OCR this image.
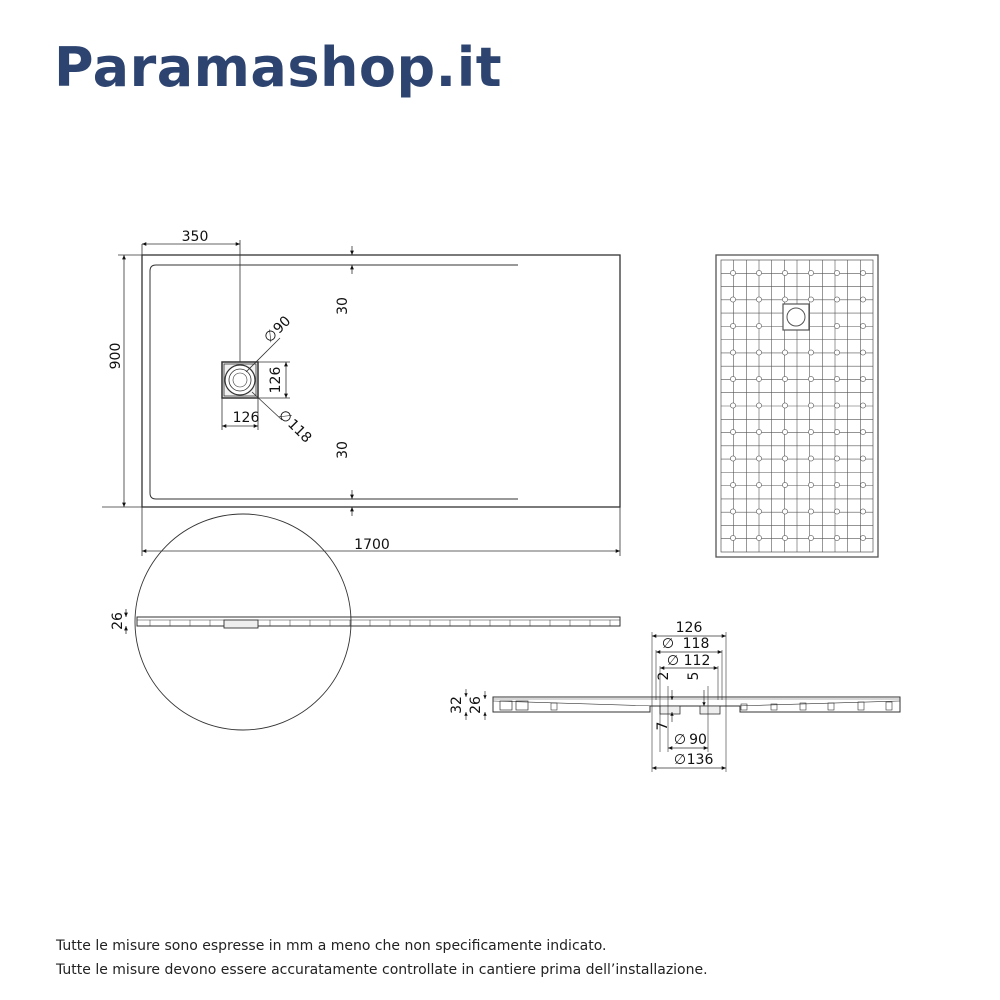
Paramashop.it
350
900
1700
30
30
126
126
∅
90
∅
118
26	126
∅ 118
∅ 112
2 5
32 26
7
∅ 90
∅ 136
Tutte le misure sono espresse in mm a meno che non specificamente indicato.
Tutte le misure devono essere accuratamente controllate in cantiere prima dell’installazione.
